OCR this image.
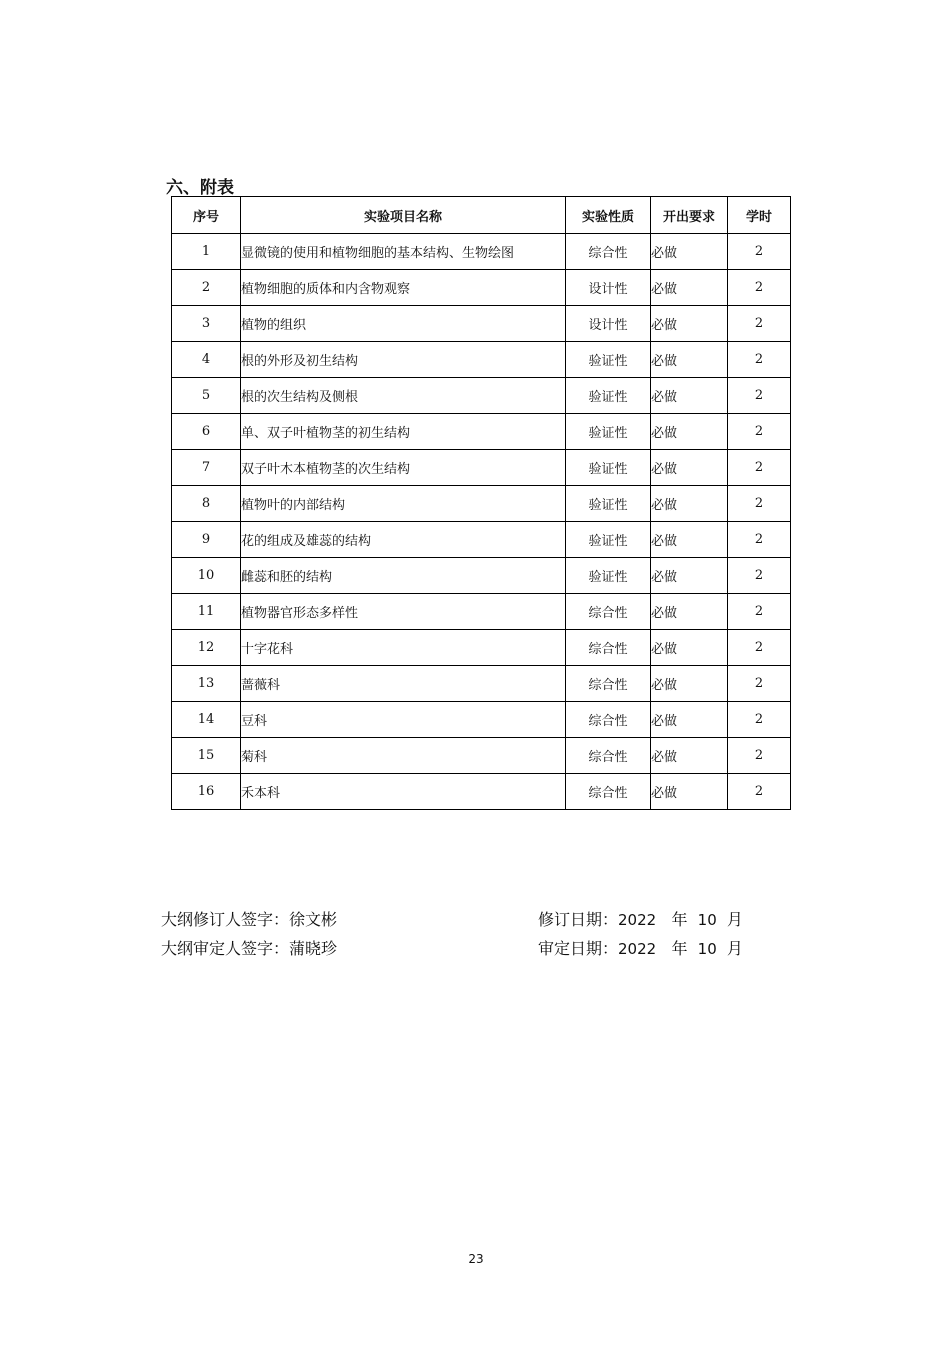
六、附表
序号	实验项目名称	实验性质	开出要求	学时
1	显微镜的使用和植物细胞的基本结构、生物绘图	综合性	必做	2
2	植物细胞的质体和内含物观察	设计性	必做	2
3	植物的组织	设计性	必做	2
4	根的外形及初生结构	验证性	必做	2
5	根的次生结构及侧根	验证性	必做	2
6	单、双子叶植物茎的初生结构	验证性	必做	2
7	双子叶木本植物茎的次生结构	验证性	必做	2
8	植物叶的内部结构	验证性	必做	2
9	花的组成及雄蕊的结构	验证性	必做	2
10	雌蕊和胚的结构	验证性	必做	2
11	植物器官形态多样性	综合性	必做	2
12	十字花科	综合性	必做	2
13	蔷薇科	综合性	必做	2
14	豆科	综合性	必做	2
15	菊科	综合性	必做	2
16	禾本科	综合性	必做	2
大纲修订人签字：徐文彬
大纲审定人签字：蒲晓珍
修订日期：2022 年 10 月
审定日期：2022 年 10 月
23
